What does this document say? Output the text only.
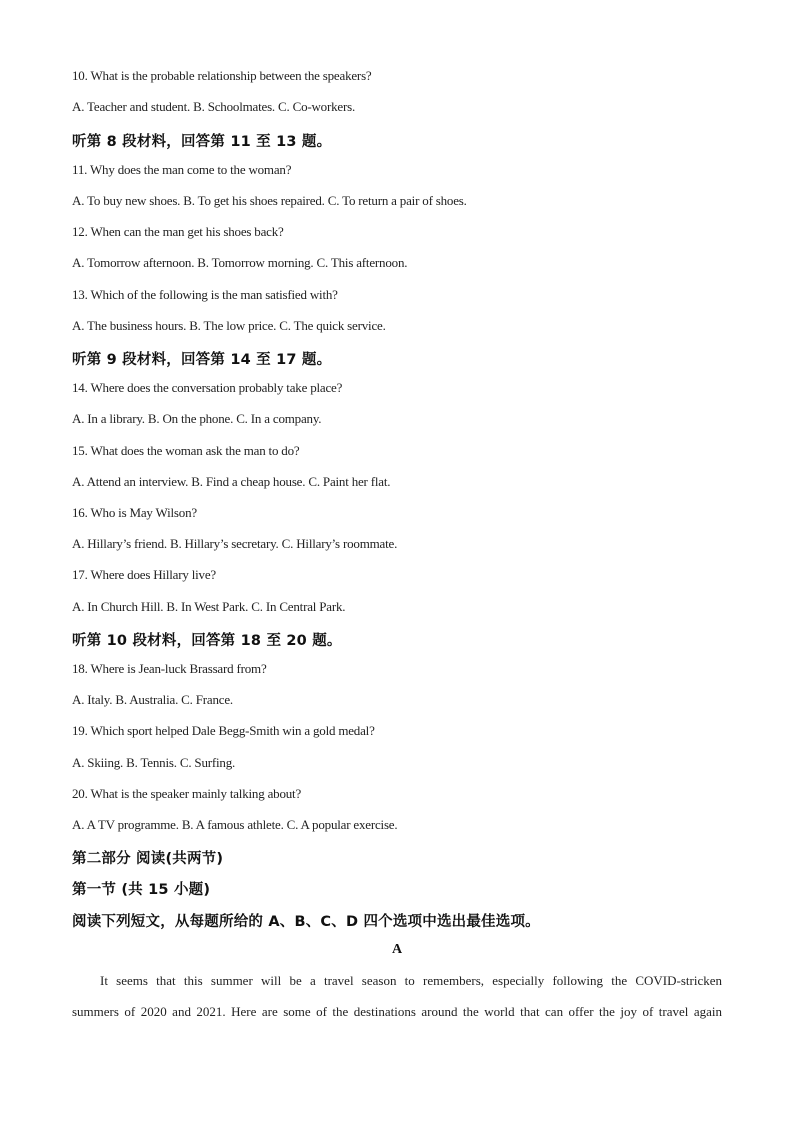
10. What is the probable relationship between the speakers?
A. Teacher and student. B. Schoolmates. C. Co-workers.
听第 8 段材料，回答第 11 至 13 题。
11. Why does the man come to the woman?
A. To buy new shoes. B. To get his shoes repaired. C. To return a pair of shoes.
12. When can the man get his shoes back?
A. Tomorrow afternoon. B. Tomorrow morning. C. This afternoon.
13. Which of the following is the man satisfied with?
A. The business hours. B. The low price. C. The quick service.
听第 9 段材料，回答第 14 至 17 题。
14. Where does the conversation probably take place?
A. In a library. B. On the phone. C. In a company.
15. What does the woman ask the man to do?
A. Attend an interview. B. Find a cheap house. C. Paint her flat.
16. Who is May Wilson?
A. Hillary’s friend. B. Hillary’s secretary. C. Hillary’s roommate.
17. Where does Hillary live?
A. In Church Hill. B. In West Park. C. In Central Park.
听第 10 段材料，回答第 18 至 20 题。
18. Where is Jean-luck Brassard from?
A. Italy. B. Australia. C. France.
19. Which sport helped Dale Begg-Smith win a gold medal?
A. Skiing. B. Tennis. C. Surfing.
20. What is the speaker mainly talking about?
A. A TV programme. B. A famous athlete. C. A popular exercise.
第二部分 阅读(共两节)
第一节 (共 15 小题)
阅读下列短文，从每题所给的 A、B、C、D 四个选项中选出最佳选项。
A
It seems that this summer will be a travel season to remembers, especially following the COVID-stricken
summers of 2020 and 2021. Here are some of the destinations around the world that can offer the joy of travel again
